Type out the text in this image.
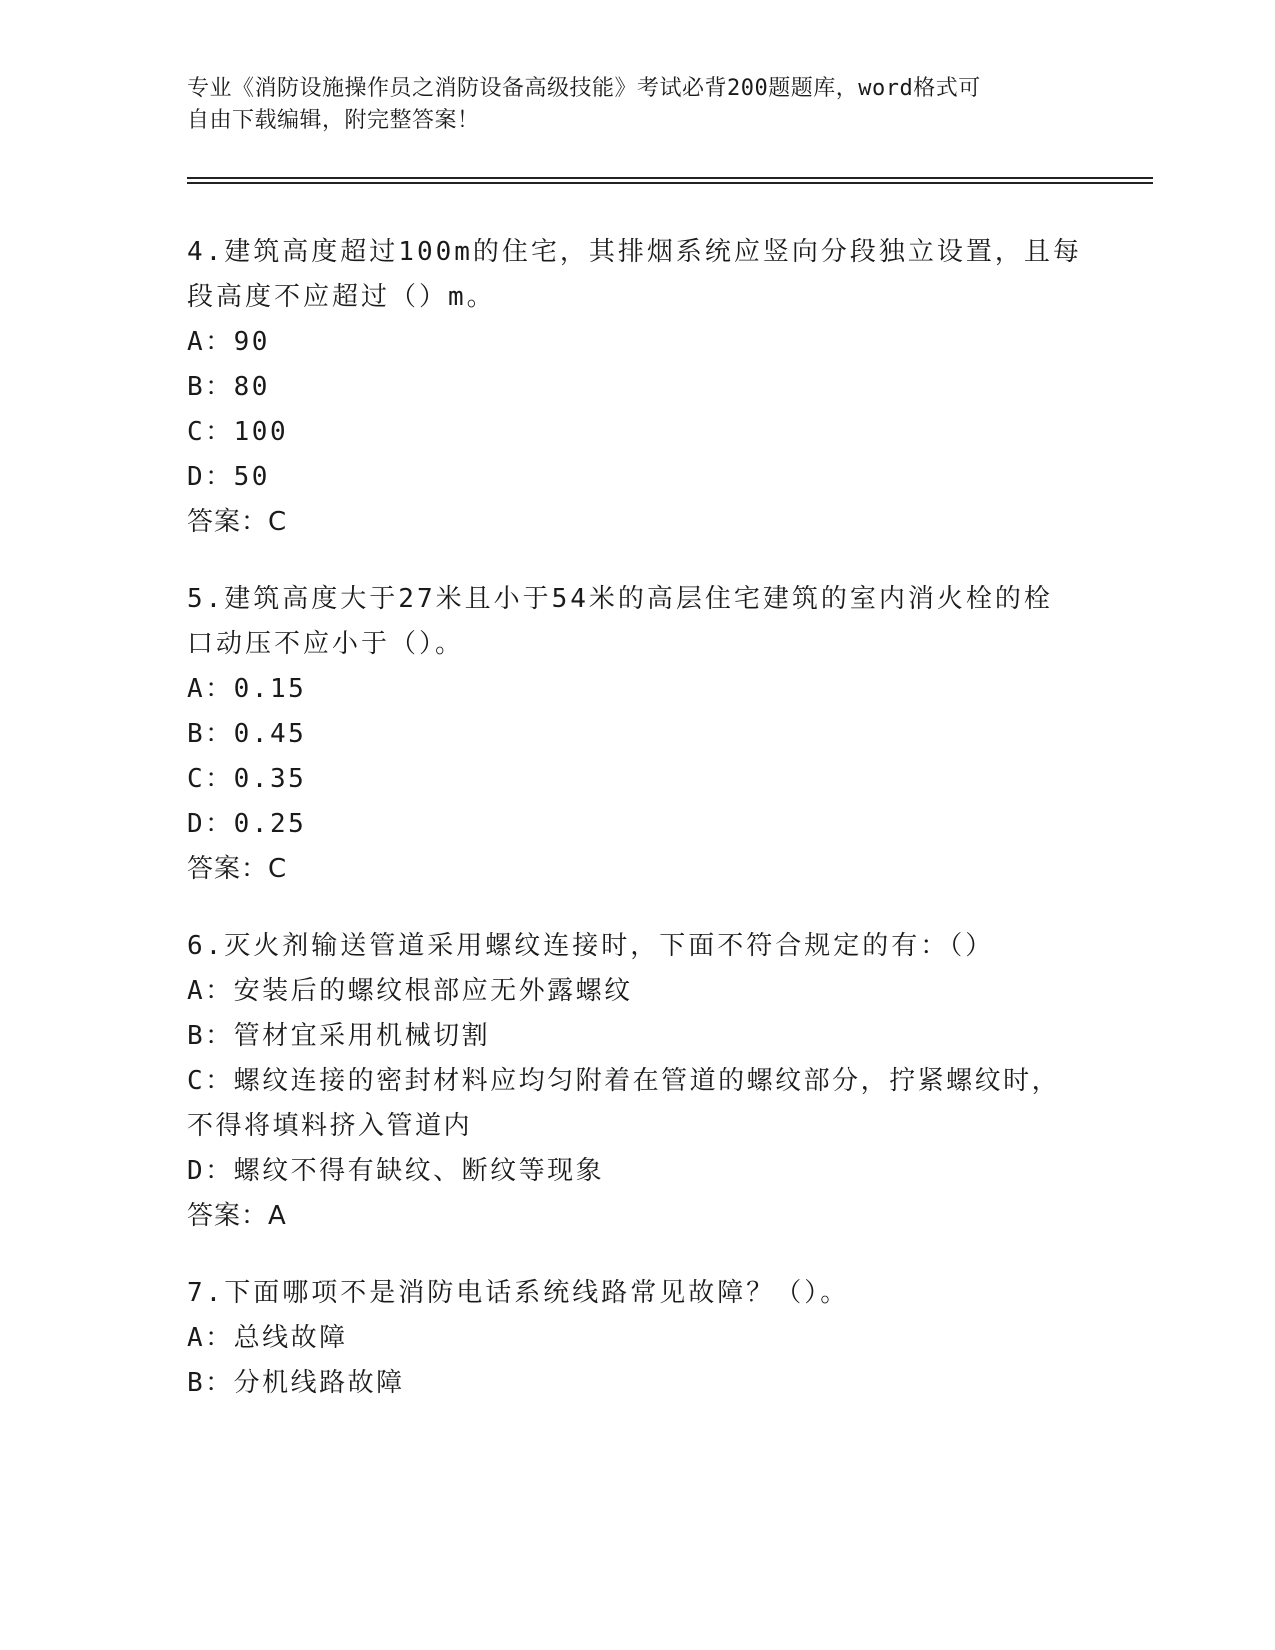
专业《消防设施操作员之消防设备高级技能》考试必背200题题库，word格式可
自由下载编辑，附完整答案！

4.建筑高度超过100m的住宅，其排烟系统应竖向分段独立设置，且每

段高度不应超过（）m。

A：90

B：80

C：100

D：50

答案：C

5.建筑高度大于27米且小于54米的高层住宅建筑的室内消火栓的栓

口动压不应小于（）。

A：0.15

B：0.45

C：0.35

D：0.25

答案：C

6.灭火剂输送管道采用螺纹连接时，下面不符合规定的有：（）

A：安装后的螺纹根部应无外露螺纹

B：管材宜采用机械切割

C：螺纹连接的密封材料应均匀附着在管道的螺纹部分，拧紧螺纹时，

不得将填料挤入管道内

D：螺纹不得有缺纹、断纹等现象

答案：A

7.下面哪项不是消防电话系统线路常见故障？（）。

A：总线故障

B：分机线路故障
